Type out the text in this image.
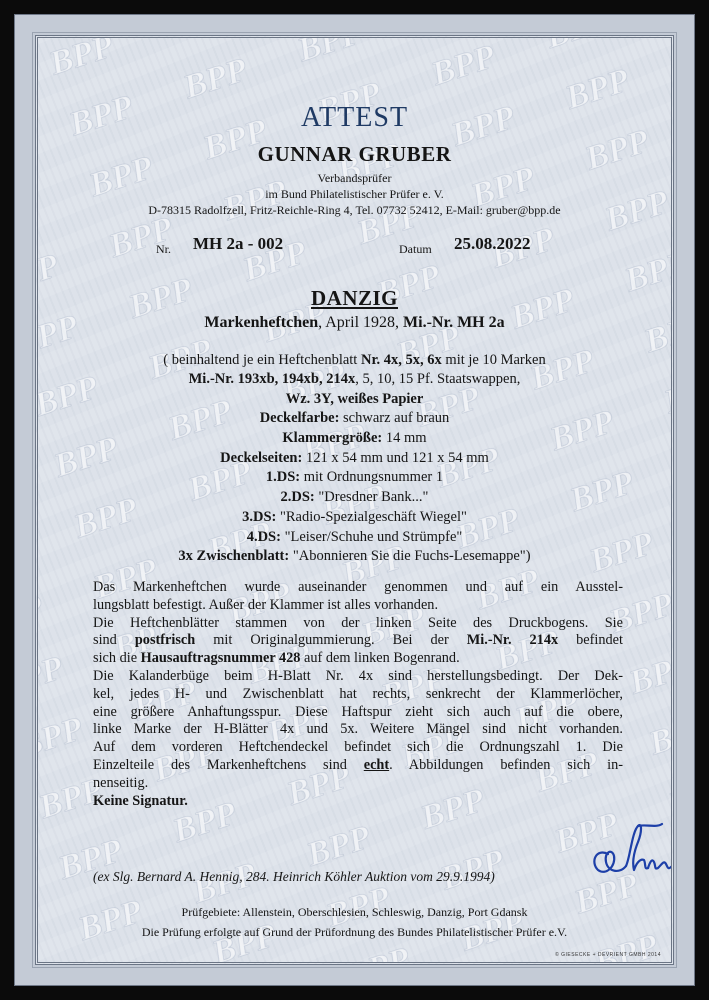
ATTEST
GUNNAR GRUBER
Verbandsprüfer
im Bund Philatelistischer Prüfer e. V.
D-78315 Radolfzell, Fritz-Reichle-Ring 4, Tel. 07732 52412, E-Mail: gruber@bpp.de
Nr. MH 2a - 002	Datum 25.08.2022
DANZIG
Markenheftchen, April 1928, Mi.-Nr. MH 2a
( beinhaltend je ein Heftchenblatt Nr. 4x, 5x, 6x mit je 10 Marken
Mi.-Nr. 193xb, 194xb, 214x, 5, 10, 15 Pf. Staatswappen,
Wz. 3Y, weißes Papier
Deckelfarbe: schwarz auf braun
Klammergröße: 14 mm
Deckelseiten: 121 x 54 mm und 121 x 54 mm
1.DS: mit Ordnungsnummer 1
2.DS: "Dresdner Bank..."
3.DS: "Radio-Spezialgeschäft Wiegel"
4.DS: "Leiser/Schuhe und Strümpfe"
3x Zwischenblatt: "Abonnieren Sie die Fuchs-Lesemappe")

Das Markenheftchen wurde auseinander genommen und auf ein Ausstel-

lungsblatt befestigt. Außer der Klammer ist alles vorhanden.

Die Heftchenblätter stammen von der linken Seite des Druckbogens. Sie

sind postfrisch mit Originalgummierung. Bei der Mi.-Nr. 214x befindet

sich die Hausauftragsnummer 428 auf dem linken Bogenrand.

Die Kalanderbüge beim H-Blatt Nr. 4x sind herstellungsbedingt. Der Dek-

kel, jedes H- und Zwischenblatt hat rechts, senkrecht der Klammerlöcher,

eine größere Anhaftungsspur. Diese Haftspur zieht sich auch auf die obere,

linke Marke der H-Blätter 4x und 5x. Weitere Mängel sind nicht vorhanden.

Auf dem vorderen Heftchendeckel befindet sich die Ordnungszahl 1. Die

Einzelteile des Markenheftchens sind echt. Abbildungen befinden sich in-

nenseitig.

Keine Signatur.

(ex Slg. Bernard A. Hennig, 284. Heinrich Köhler Auktion vom 29.9.1994)
Prüfgebiete: Allenstein, Oberschlesien, Schleswig, Danzig, Port Gdansk
Die Prüfung erfolgte auf Grund der Prüfordnung des Bundes Philatelistischer Prüfer e.V.
© GIESECKE + DEVRIENT GMBH 2014
